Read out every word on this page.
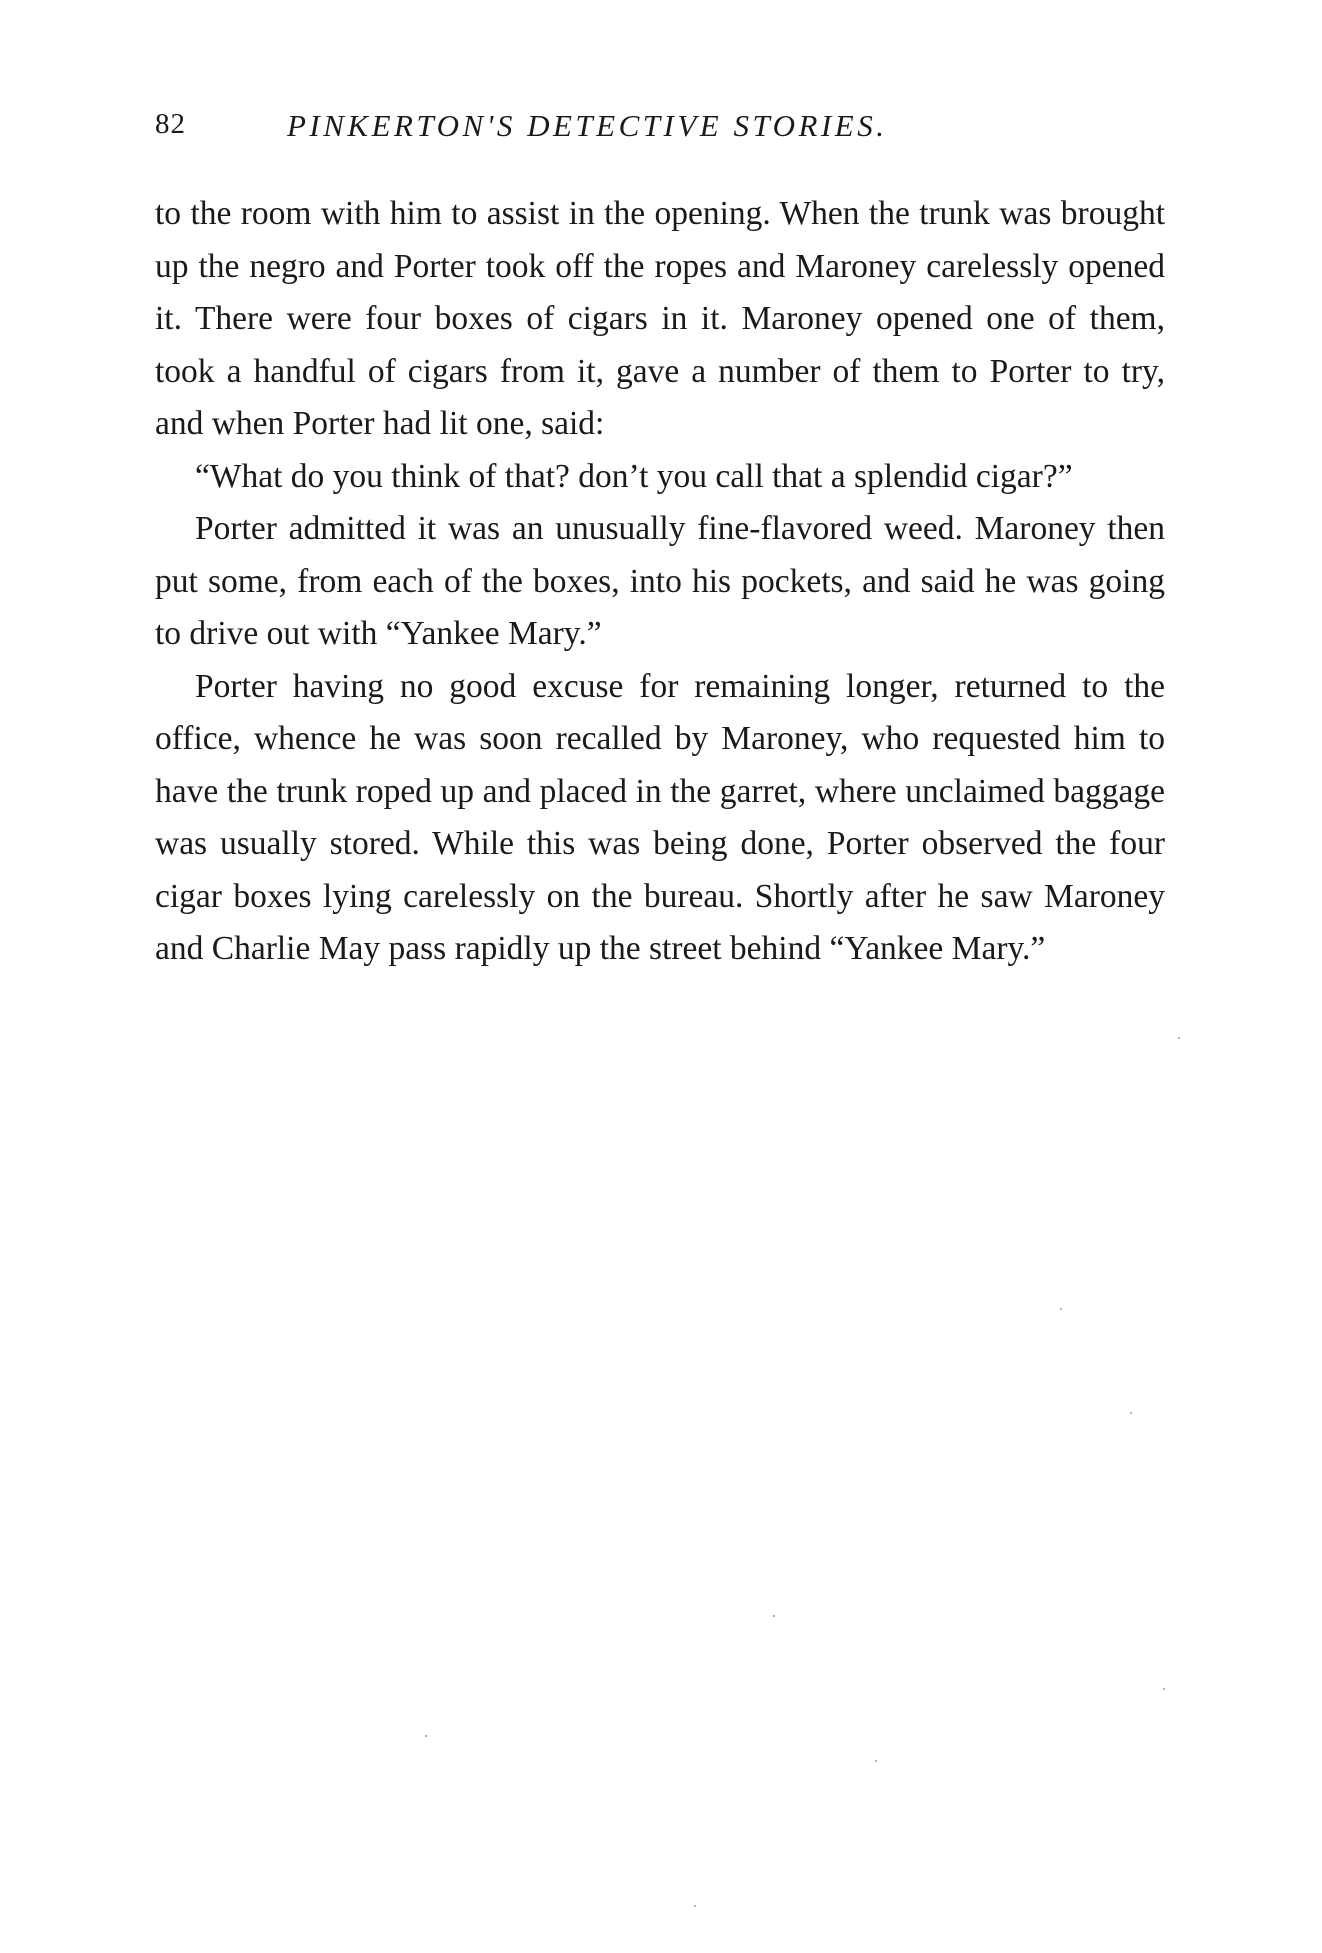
82	PINKERTON'S DETECTIVE STORIES.

to the room with him to assist in the opening. When the trunk was brought up the negro and Porter took off the ropes and Maroney carelessly opened it. There were four boxes of cigars in it. Maroney opened one of them, took a handful of cigars from it, gave a number of them to Porter to try, and when Porter had lit one, said:

“What do you think of that? don’t you call that a splendid cigar?”

Porter admitted it was an unusually fine-flavored weed. Maroney then put some, from each of the boxes, into his pockets, and said he was going to drive out with “Yankee Mary.”

Porter having no good excuse for remaining longer, returned to the office, whence he was soon recalled by Maroney, who requested him to have the trunk roped up and placed in the garret, where unclaimed baggage was usually stored. While this was being done, Porter observed the four cigar boxes lying carelessly on the bureau. Shortly after he saw Maroney and Charlie May pass rapidly up the street behind “Yankee Mary.”
